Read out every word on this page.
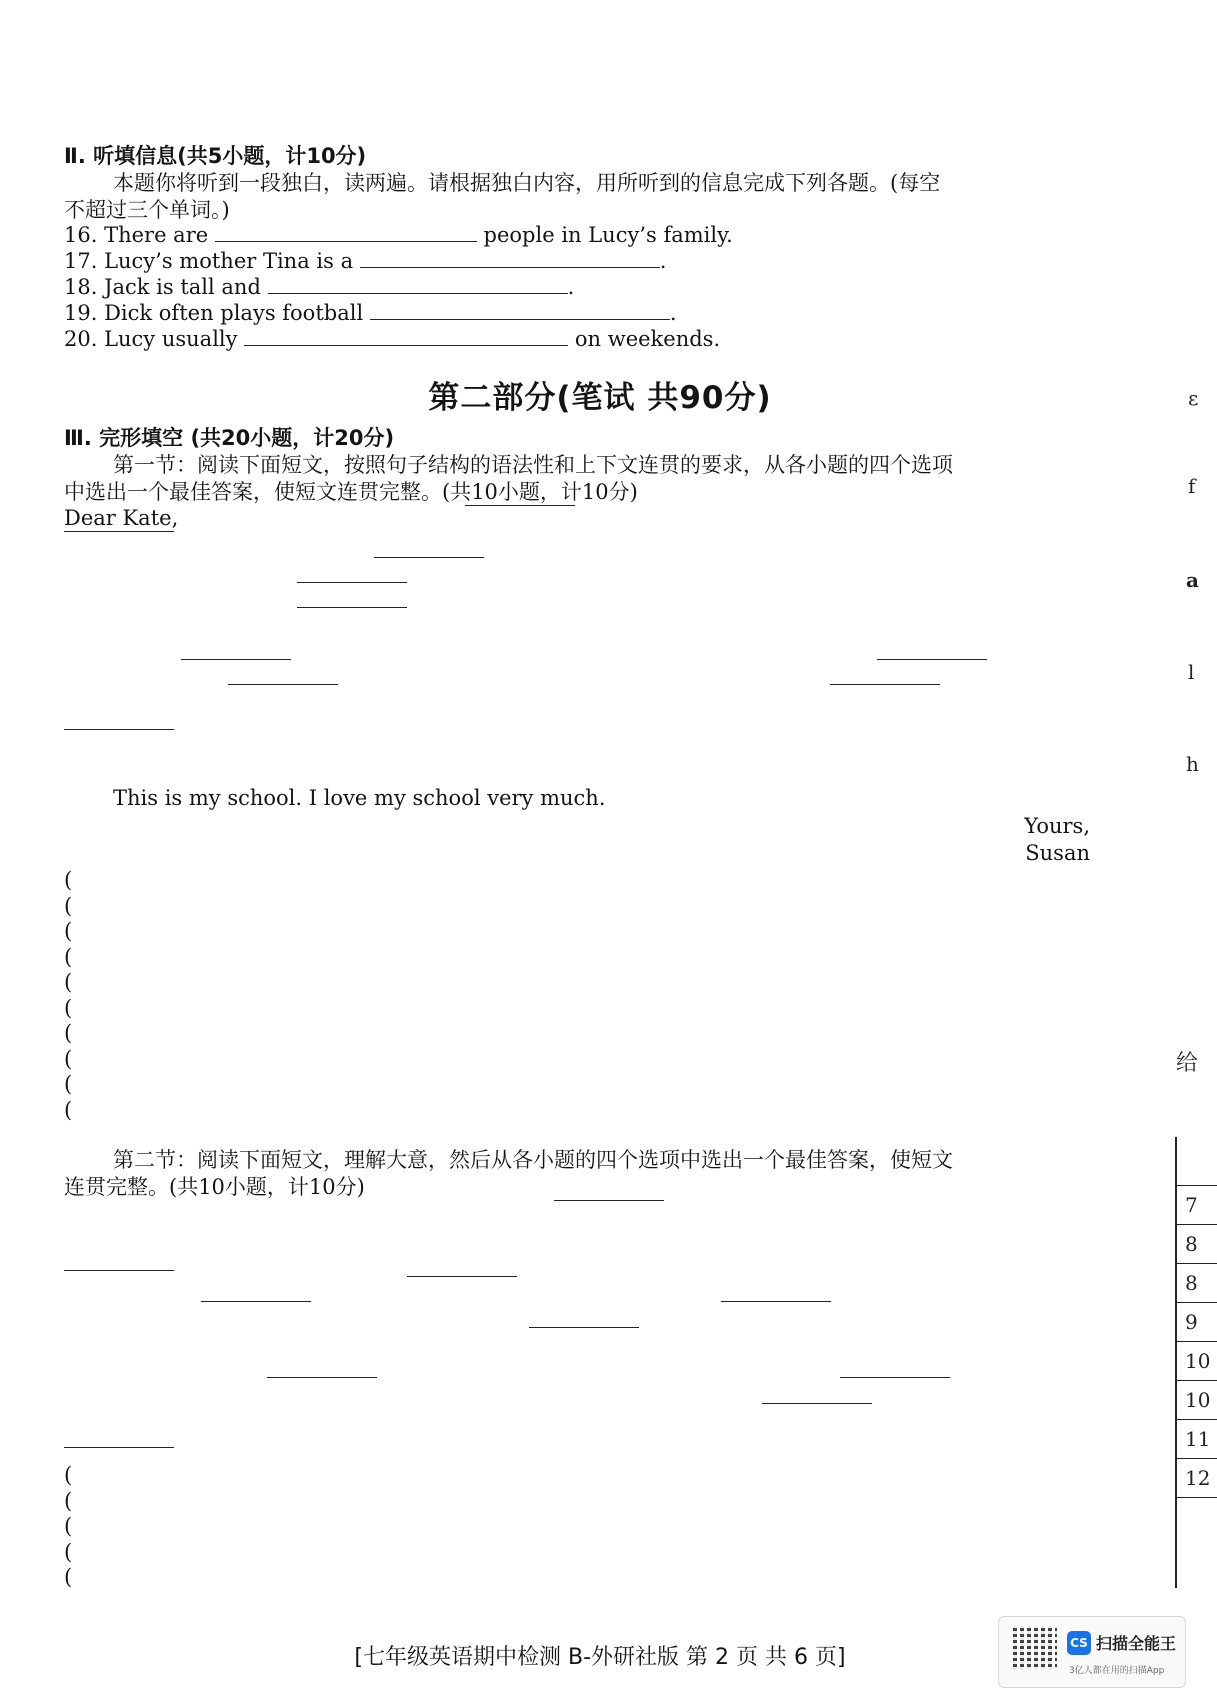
Ⅱ. 听填信息(共5小题，计10分)
本题你将听到一段独白，读两遍。请根据独白内容，用所听到的信息完成下列各题。(每空
不超过三个单词。)
16. There are	people in Lucy’s family.
17. Lucy’s mother Tina is a	.
18. Jack is tall and	.
19. Dick often plays football	.
20. Lucy usually	on weekends.
第二部分(笔试 共90分)
Ⅲ. 完形填空 (共20小题，计20分)
第一节：阅读下面短文，按照句子结构的语法性和上下文连贯的要求，从各小题的四个选项
中选出一个最佳答案，使短文连贯完整。(共10小题，计10分)
Dear Kate,
This is my school. I love my school very much.
Yours,
Susan
(
(
(
(
(
(
(
(
(
(
第二节：阅读下面短文，理解大意，然后从各小题的四个选项中选出一个最佳答案，使短文
连贯完整。(共10小题，计10分)
(
(
(
(
(
[七年级英语期中检测 B-外研社版 第 2 页 共 6 页]
ε
f
a
l
h
给
7
8
8
9
10
10
11
12
CS 扫描全能王
3亿人都在用的扫描App
